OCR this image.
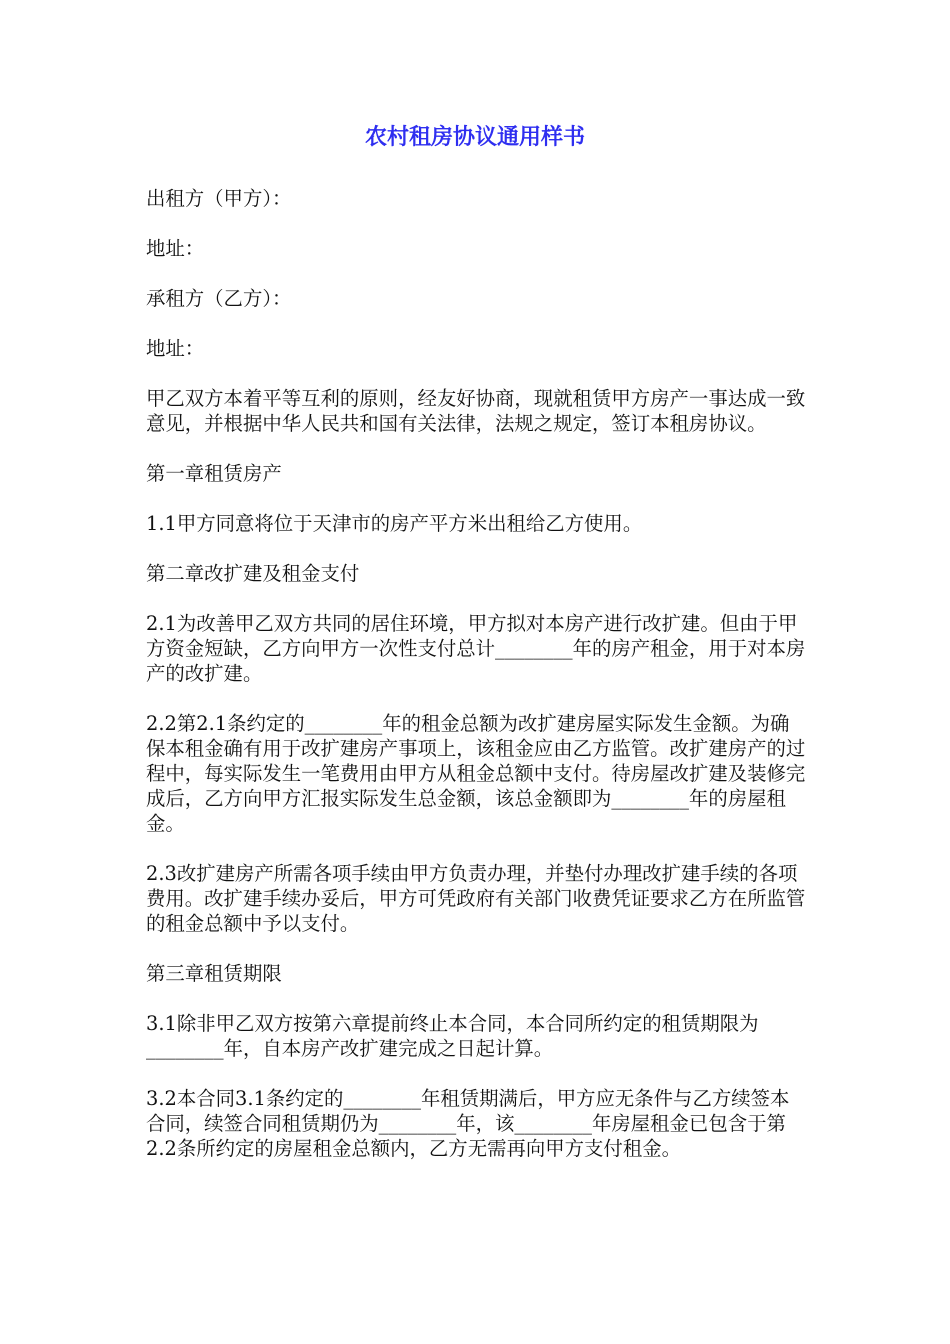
农村租房协议通用样书

出租方（甲方）：

地址：

承租方（乙方）：

地址：

甲乙双方本着平等互利的原则，经友好协商，现就租赁甲方房产一事达成一致意见，并根据中华人民共和国有关法律，法规之规定，签订本租房协议。

第一章租赁房产

1.1甲方同意将位于天津市的房产平方米出租给乙方使用。

第二章改扩建及租金支付

2.1为改善甲乙双方共同的居住环境，甲方拟对本房产进行改扩建。但由于甲方资金短缺，乙方向甲方一次性支付总计________年的房产租金，用于对本房产的改扩建。

2.2第2.1条约定的________年的租金总额为改扩建房屋实际发生金额。为确保本租金确有用于改扩建房产事项上，该租金应由乙方监管。改扩建房产的过程中，每实际发生一笔费用由甲方从租金总额中支付。待房屋改扩建及装修完成后，乙方向甲方汇报实际发生总金额，该总金额即为________年的房屋租金。

2.3改扩建房产所需各项手续由甲方负责办理，并垫付办理改扩建手续的各项费用。改扩建手续办妥后，甲方可凭政府有关部门收费凭证要求乙方在所监管的租金总额中予以支付。

第三章租赁期限

3.1除非甲乙双方按第六章提前终止本合同，本合同所约定的租赁期限为________年，自本房产改扩建完成之日起计算。

3.2本合同3.1条约定的________年租赁期满后，甲方应无条件与乙方续签本合同，续签合同租赁期仍为________年，该________年房屋租金已包含于第2.2条所约定的房屋租金总额内，乙方无需再向甲方支付租金。
